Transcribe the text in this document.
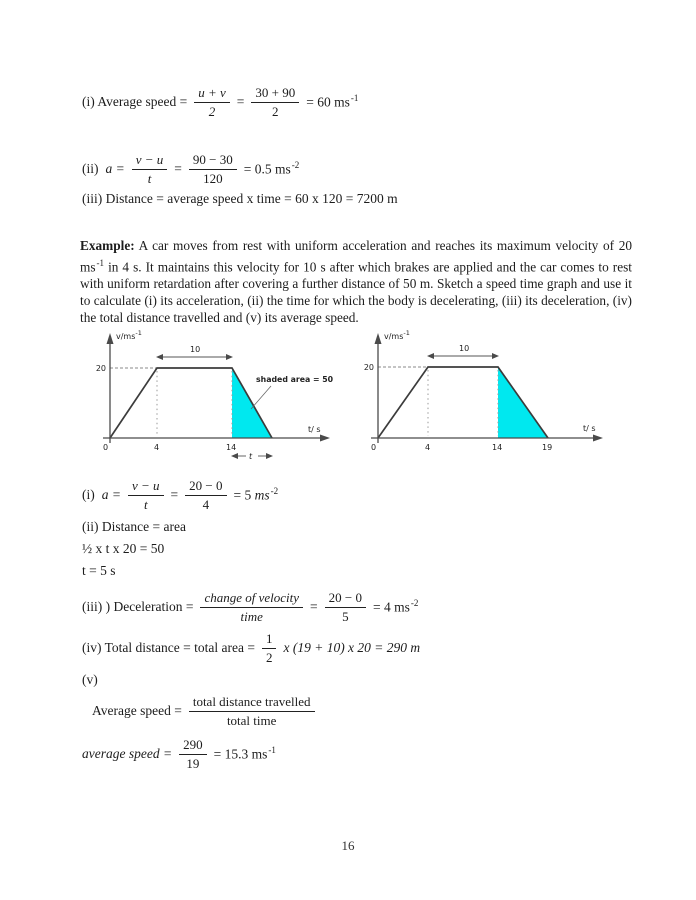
(i) Average speed = $\frac{u + v}{2} = \frac{30 + 90}{2} = 60$ $ms^{-1}$
(ii) $a = \frac{v - u}{t} = \frac{90 - 30}{120} = 0.5$ $ms^{-2}$
(iii) Distance = average speed x time = 60 x 120 = 7200 m
Example: A car moves from rest with uniform acceleration and reaches its maximum velocity of 20 $ms^{-1}$ in 4 s. It maintains this velocity for 10 s after which brakes are applied and the car comes to rest with uniform retardation after covering a further distance of 50 m. Sketch a speed time graph and use it to calculate (i) its acceleration, (ii) the time for which the body is decelerating, (iii) its deceleration, (iv) the total distance travelled and (v) its average speed.
10
shaded area = 50
$v/ms^{-1}$
20
t/ s
0	4	14
t
10
$v/ms^{-1}$
20
t/ s
0	4	14	19
(i) $a = \frac{v - u}{t} = \frac{20 - 0}{4} = 5$ $ms^{-2}$
(ii) Distance = area
½ x t x 20 = 50
t = 5 s
(iii) ) Deceleration = $\frac{\text{change of velocity}}{\text{time}} = \frac{20 - 0}{5} = 4$ $ms^{-2}$
(iv) Total distance = total area = $\frac{1}{2}$ x (19 + 10) x 20 = 290 m
(v)
Average speed = $\frac{\text{total distance travelled}}{\text{total time}}$
average speed = $\frac{290}{19} = 15.3$ $ms^{-1}$
16
